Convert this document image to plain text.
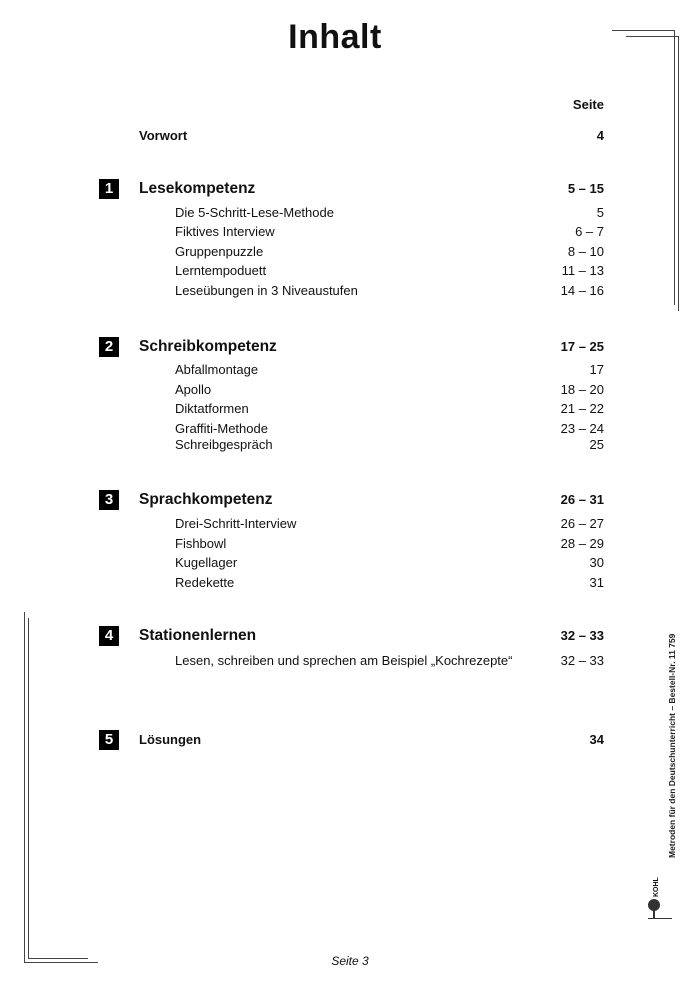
Inhalt
Seite
Vorwort	4
1	Lesekompetenz	5 – 15
Die 5-Schritt-Lese-Methode	5
Fiktives Interview	6 – 7
Gruppenpuzzle	8 – 10
Lerntempoduett	11 – 13
Leseübungen in 3 Niveaustufen	14 – 16
2	Schreibkompetenz	17 – 25
Abfallmontage	17
Apollo	18 – 20
Diktatformen	21 – 22
Graffiti-Methode	23 – 24
Schreibgespräch	25
3	Sprachkompetenz	26 – 31
Drei-Schritt-Interview	26 – 27
Fishbowl	28 – 29
Kugellager	30
Redekette	31
4	Stationenlernen	32 – 33
Lesen, schreiben und sprechen am Beispiel „Kochrezepte“	32 – 33
5	Lösungen	34	Metroden für den Deutschunterricht – Bestell-Nr. 11 759
KOHL
Seite 3
